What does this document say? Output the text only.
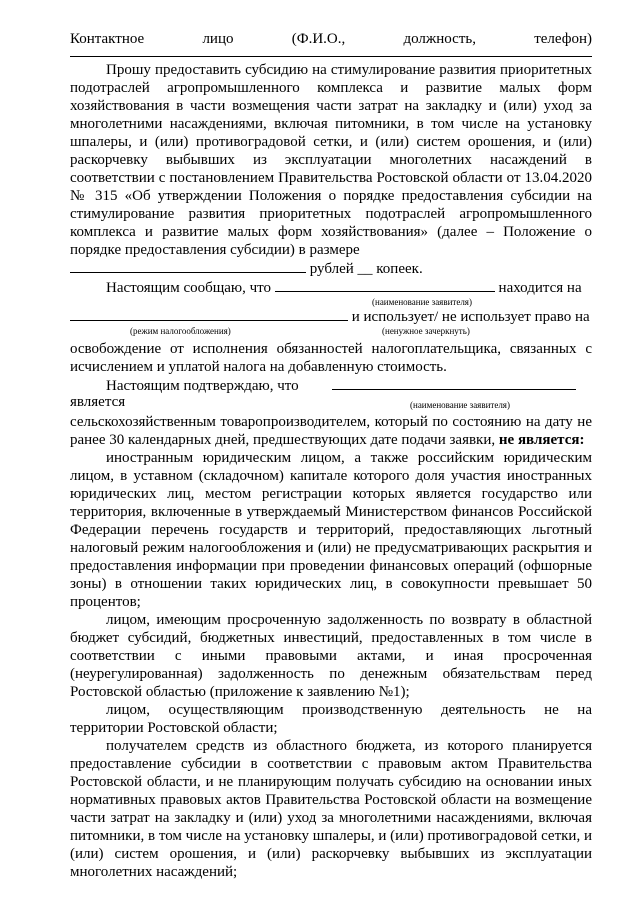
Контактное лицо (Ф.И.О., должность, телефон)
Прошу предоставить субсидию на стимулирование развития приоритетных подотраслей агропромышленного комплекса и развитие малых форм хозяйствования в части возмещения части затрат на закладку и (или) уход за многолетними насаждениями, включая питомники, в том числе на установку шпалеры, и (или) противоградовой сетки, и (или) систем орошения, и (или) раскорчевку выбывших из эксплуатации многолетних насаждений в соответствии с постановлением Правительства Ростовской области от 13.04.2020 № 315 «Об утверждении Положения о порядке предоставления субсидии на стимулирование развития приоритетных подотраслей агропромышленного комплекса и развитие малых форм хозяйствования» (далее – Положение о порядке предоставления субсидии) в размере
рублей __ копеек.
Настоящим сообщаю, что	находится на
(наименование заявителя)
и использует/ не использует право на
(режим налогообложения)	(ненужное зачеркнуть)
освобождение от исполнения обязанностей налогоплательщика, связанных с исчислением и уплатой налога на добавленную стоимость.
Настоящим подтверждаю, что
является	(наименование заявителя)
сельскохозяйственным товаропроизводителем, который по состоянию на дату не ранее 30 календарных дней, предшествующих дате подачи заявки, не является:
иностранным юридическим лицом, а также российским юридическим лицом, в уставном (складочном) капитале которого доля участия иностранных юридических лиц, местом регистрации которых является государство или территория, включенные в утверждаемый Министерством финансов Российской Федерации перечень государств и территорий, предоставляющих льготный налоговый режим налогообложения и (или) не предусматривающих раскрытия и предоставления информации при проведении финансовых операций (офшорные зоны) в отношении таких юридических лиц, в совокупности превышает 50 процентов;
лицом, имеющим просроченную задолженность по возврату в областной бюджет субсидий, бюджетных инвестиций, предоставленных в том числе в соответствии с иными правовыми актами, и иная просроченная (неурегулированная) задолженность по денежным обязательствам перед Ростовской областью (приложение к заявлению №1);
лицом, осуществляющим производственную деятельность не на территории Ростовской области;
получателем средств из областного бюджета, из которого планируется предоставление субсидии в соответствии с правовым актом Правительства Ростовской области, и не планирующим получать субсидию на основании иных нормативных правовых актов Правительства Ростовской области на возмещение части затрат на закладку и (или) уход за многолетними насаждениями, включая питомники, в том числе на установку шпалеры, и (или) противоградовой сетки, и (или) систем орошения, и (или) раскорчевку выбывших из эксплуатации многолетних насаждений;
